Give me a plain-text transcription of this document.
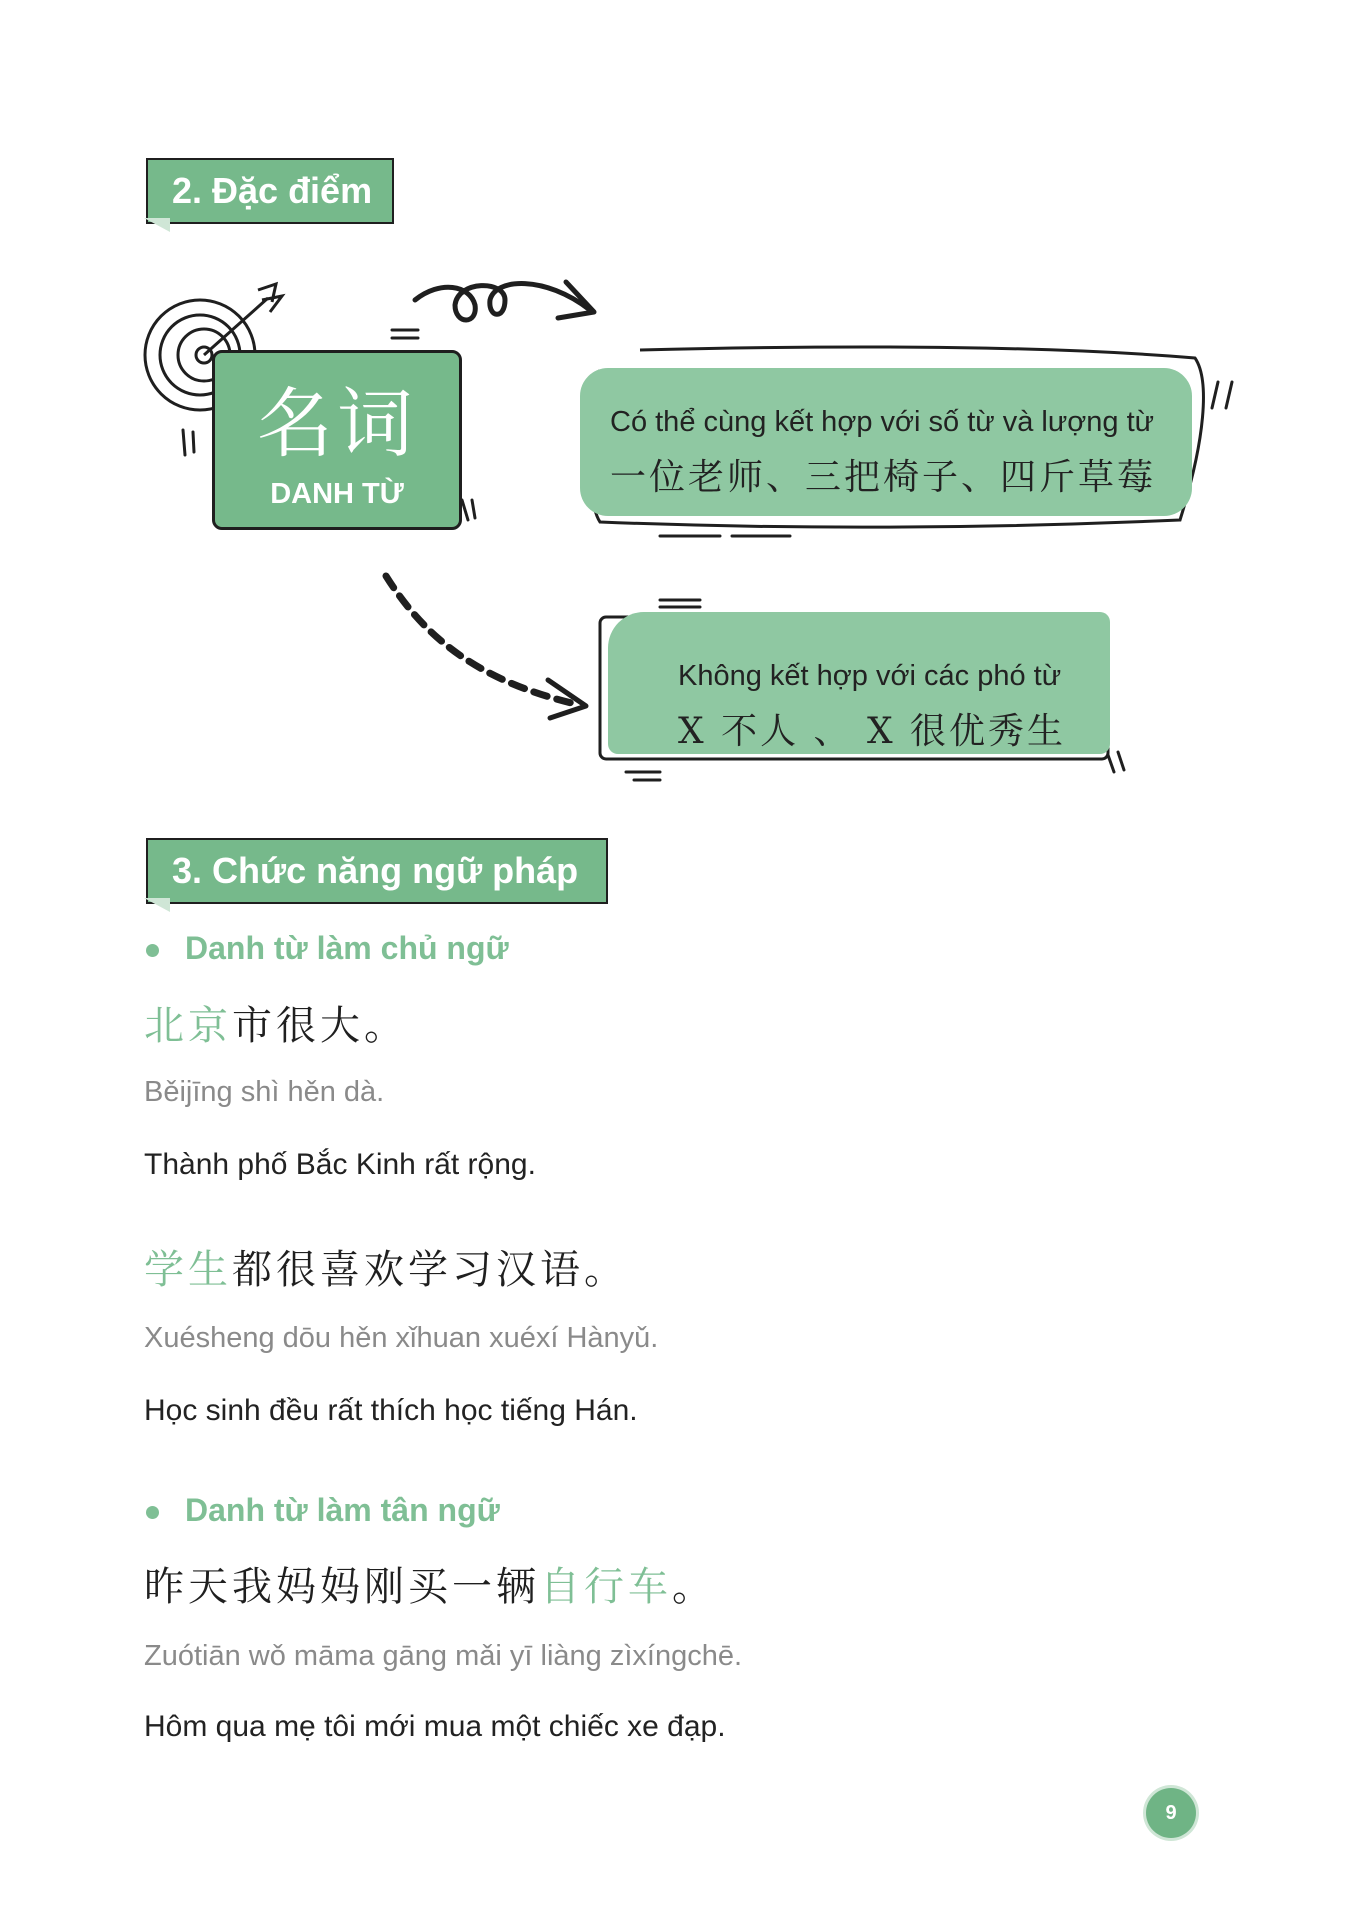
2. Đặc điểm
名词
DANH TỪ
Có thể cùng kết hợp với số từ và lượng từ
一位老师、三把椅子、四斤草莓
Không kết hợp với các phó từ
X 不人 、 X 很优秀生
3. Chức năng ngữ pháp
Danh từ làm chủ ngữ
北京市很大。
Běijīng shì hěn dà.
Thành phố Bắc Kinh rất rộng.
学生都很喜欢学习汉语。
Xuésheng dōu hěn xǐhuan xuéxí Hànyǔ.
Học sinh đều rất thích học tiếng Hán.
Danh từ làm tân ngữ
昨天我妈妈刚买一辆自行车。
Zuótiān wǒ māma gāng mǎi yī liàng zìxíngchē.
Hôm qua mẹ tôi mới mua một chiếc xe đạp.
9
